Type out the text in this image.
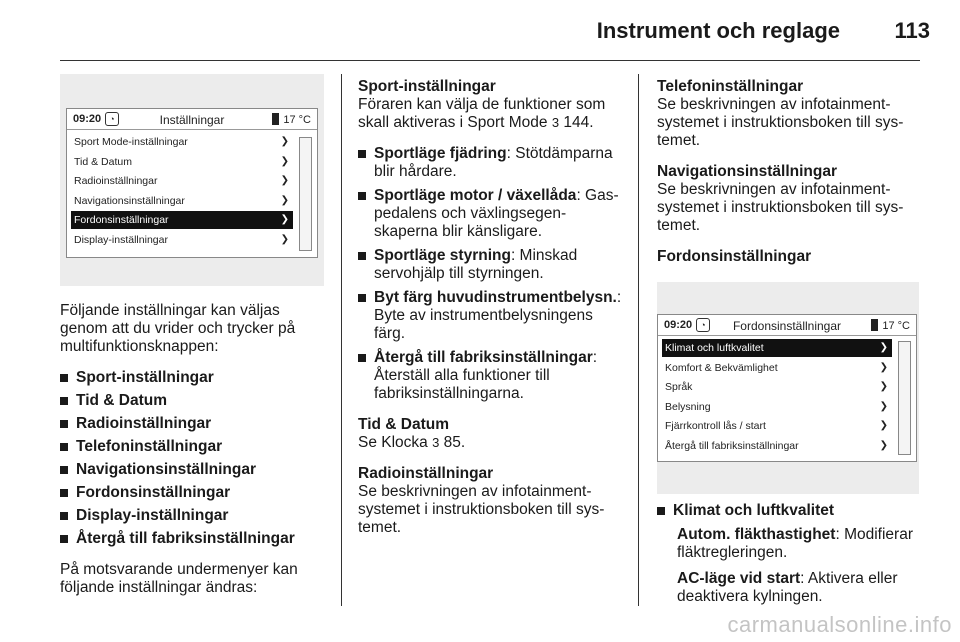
Instrument och reglage	113
09:20 ◔	Inställningar	17 °C
Sport Mode-inställningar	❯
Tid & Datum	❯
Radioinställningar	❯
Navigationsinställningar	❯
Fordonsinställningar	❯
Display-inställningar	❯

Följande inställningar kan väljas genom att du vrider och trycker på multifunktionsknappen:

Sport-inställningar
Tid & Datum
Radioinställningar
Telefoninställningar
Navigationsinställningar
Fordonsinställningar
Display-inställningar
Återgå till fabriksinställningar

På motsvarande undermenyer kan följande inställningar ändras:

Sport-inställningar
Föraren kan välja de funktioner som skall aktiveras i Sport Mode 3 144.

Sportläge fjädring: Stötdämparna blir hårdare.
Sportläge motor / växellåda: Gaspedalens och växlingsegenskaperna blir känsligare.
Sportläge styrning: Minskad servohjälp till styrningen.
Byt färg huvudinstrumentbelysn.: Byte av instrumentbelysningens färg.
Återgå till fabriksinställningar: Återställ alla funktioner till fabriksinställningarna.

Tid & Datum
Se Klocka 3 85.

Radioinställningar
Se beskrivningen av infotainmentsystemet i instruktionsboken till systemet.

Telefoninställningar
Se beskrivningen av infotainmentsystemet i instruktionsboken till systemet.

Navigationsinställningar
Se beskrivningen av infotainmentsystemet i instruktionsboken till systemet.

Fordonsinställningar

09:20 ◔	Fordonsinställningar	17 °C
Klimat och luftkvalitet	❯
Komfort & Bekvämlighet	❯
Språk	❯
Belysning	❯
Fjärrkontroll lås / start	❯
Återgå till fabriksinställningar	❯
Klimat och luftkvalitet

Autom. fläkthastighet: Modifierar fläktregleringen.

AC-läge vid start: Aktivera eller deaktivera kylningen.

carmanualsonline.info
